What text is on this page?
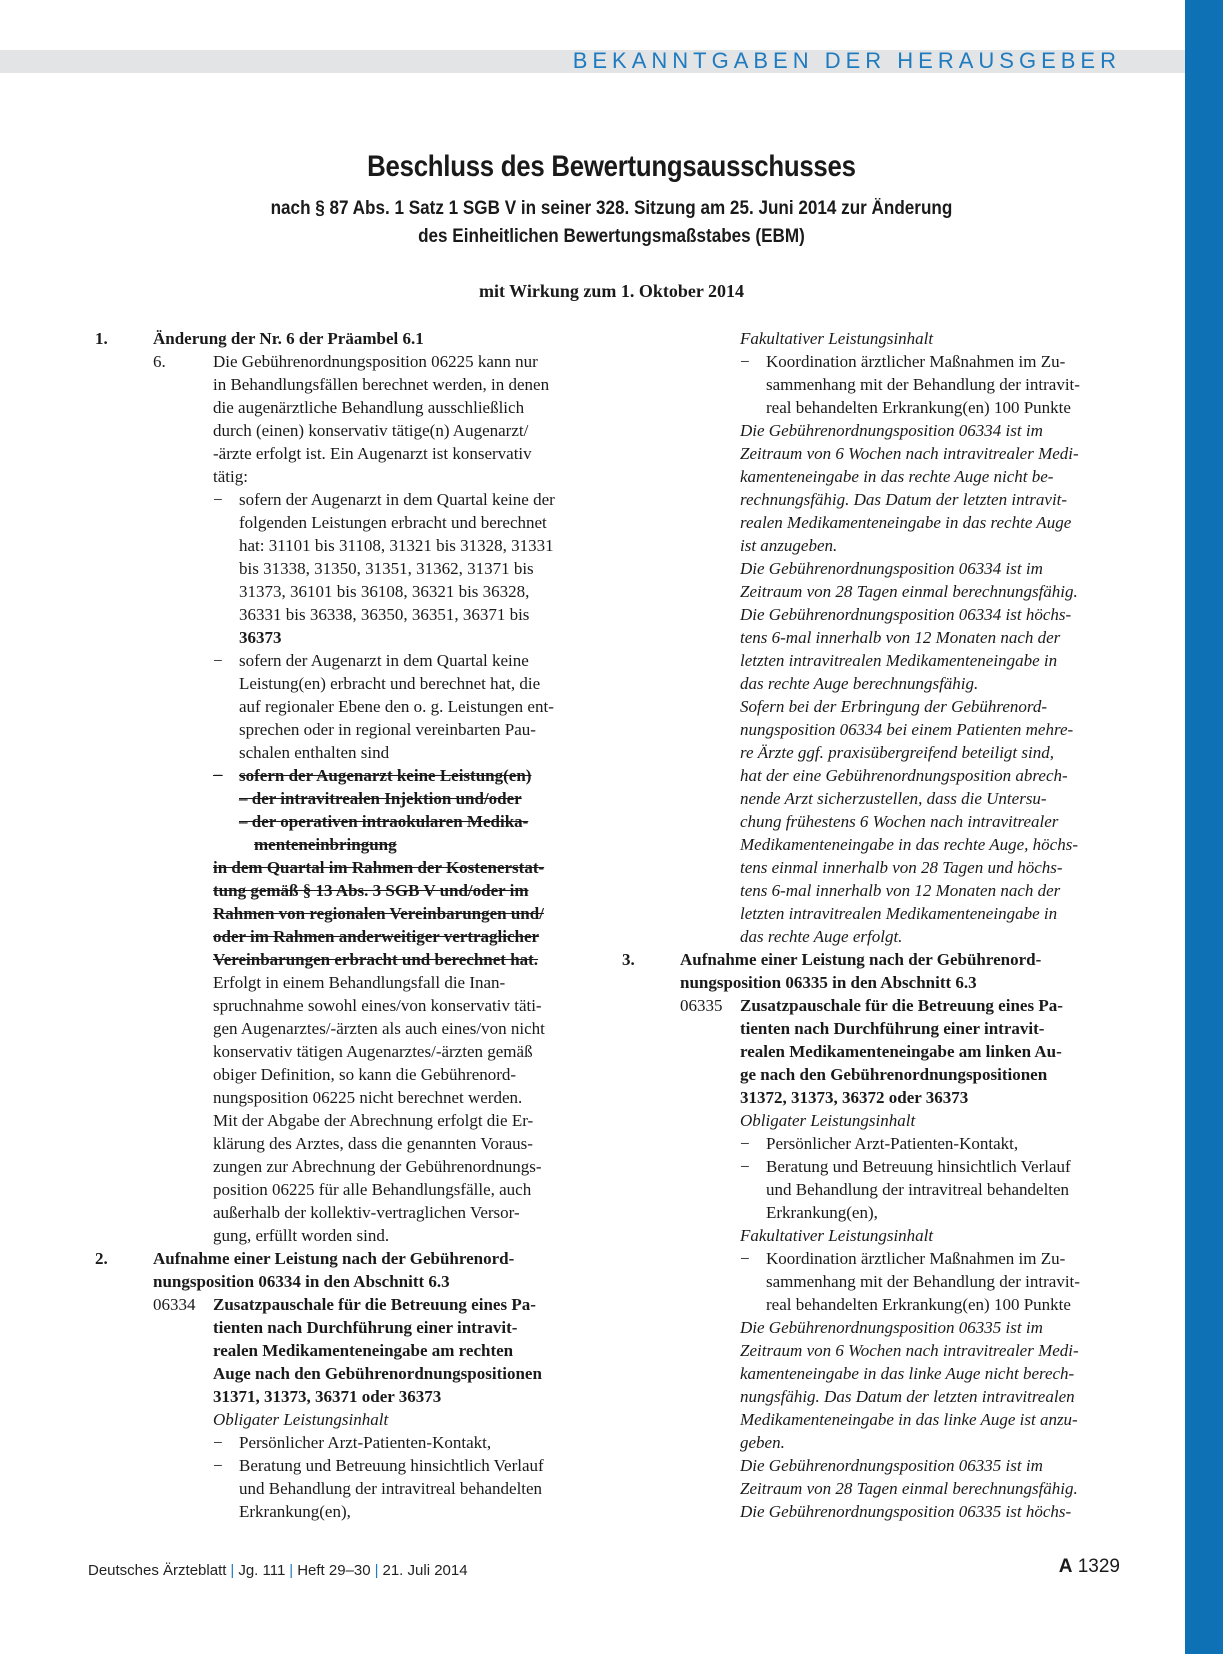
BEKANNTGABEN DER HERAUSGEBER
Beschluss des Bewertungsausschusses
nach § 87 Abs. 1 Satz 1 SGB V in seiner 328. Sitzung am 25. Juni 2014 zur Änderung
des Einheitlichen Bewertungsmaßstabes (EBM)
mit Wirkung zum 1. Oktober 2014
1.	Änderung der Nr. 6 der Präambel 6.1
6.	Die Gebührenordnungsposition 06225 kann nur
in Behandlungsfällen berechnet werden, in denen
die augenärztliche Behandlung ausschließlich
durch (einen) konservativ tätige(n) Augenarzt/
-ärzte erfolgt ist. Ein Augenarzt ist konservativ
tätig:
− sofern der Augenarzt in dem Quartal keine der
folgenden Leistungen erbracht und berechnet
hat: 31101 bis 31108, 31321 bis 31328, 31331
bis 31338, 31350, 31351, 31362, 31371 bis
31373, 36101 bis 36108, 36321 bis 36328,
36331 bis 36338, 36350, 36351, 36371 bis
36373
− sofern der Augenarzt in dem Quartal keine
Leistung(en) erbracht und berechnet hat, die
auf regionaler Ebene den o. g. Leistungen ent-
sprechen oder in regional vereinbarten Pau-
schalen enthalten sind
− sofern der Augenarzt keine Leistung(en)
– der intravitrealen Injektion und/oder
– der operativen intraokularen Medika-
menteneinbringung
in dem Quartal im Rahmen der Kostenerstat-
tung gemäß § 13 Abs. 3 SGB V und/oder im
Rahmen von regionalen Vereinbarungen und/
oder im Rahmen anderweitiger vertraglicher
Vereinbarungen erbracht und berechnet hat.
Erfolgt in einem Behandlungsfall die Inan-
spruchnahme sowohl eines/von konservativ täti-
gen Augenarztes/-ärzten als auch eines/von nicht
konservativ tätigen Augenarztes/-ärzten gemäß
obiger Definition, so kann die Gebührenord-
nungsposition 06225 nicht berechnet werden.
Mit der Abgabe der Abrechnung erfolgt die Er-
klärung des Arztes, dass die genannten Voraus-
zungen zur Abrechnung der Gebührenordnungs-
position 06225 für alle Behandlungsfälle, auch
außerhalb der kollektiv-vertraglichen Versor-
gung, erfüllt worden sind.
2.	Aufnahme einer Leistung nach der Gebührenord-
nungsposition 06334 in den Abschnitt 6.3
06334 Zusatzpauschale für die Betreuung eines Pa-
tienten nach Durchführung einer intravit-
realen Medikamenteneingabe am rechten
Auge nach den Gebührenordnungspositionen
31371, 31373, 36371 oder 36373
Obligater Leistungsinhalt
− Persönlicher Arzt-Patienten-Kontakt,
− Beratung und Betreuung hinsichtlich Verlauf
und Behandlung der intravitreal behandelten
Erkrankung(en),
Fakultativer Leistungsinhalt
− Koordination ärztlicher Maßnahmen im Zu-
sammenhang mit der Behandlung der intravit-
real behandelten Erkrankung(en) 100 Punkte
Die Gebührenordnungsposition 06334 ist im
Zeitraum von 6 Wochen nach intravitrealer Medi-
kamenteneingabe in das rechte Auge nicht be-
rechnungsfähig. Das Datum der letzten intravit-
realen Medikamenteneingabe in das rechte Auge
ist anzugeben.
Die Gebührenordnungsposition 06334 ist im
Zeitraum von 28 Tagen einmal berechnungsfähig.
Die Gebührenordnungsposition 06334 ist höchs-
tens 6-mal innerhalb von 12 Monaten nach der
letzten intravitrealen Medikamenteneingabe in
das rechte Auge berechnungsfähig.
Sofern bei der Erbringung der Gebührenord-
nungsposition 06334 bei einem Patienten mehre-
re Ärzte ggf. praxisübergreifend beteiligt sind,
hat der eine Gebührenordnungsposition abrech-
nende Arzt sicherzustellen, dass die Untersu-
chung frühestens 6 Wochen nach intravitrealer
Medikamenteneingabe in das rechte Auge, höchs-
tens einmal innerhalb von 28 Tagen und höchs-
tens 6-mal innerhalb von 12 Monaten nach der
letzten intravitrealen Medikamenteneingabe in
das rechte Auge erfolgt.
3.	Aufnahme einer Leistung nach der Gebührenord-
nungsposition 06335 in den Abschnitt 6.3
06335 Zusatzpauschale für die Betreuung eines Pa-
tienten nach Durchführung einer intravit-
realen Medikamenteneingabe am linken Au-
ge nach den Gebührenordnungspositionen
31372, 31373, 36372 oder 36373
Obligater Leistungsinhalt
− Persönlicher Arzt-Patienten-Kontakt,
− Beratung und Betreuung hinsichtlich Verlauf
und Behandlung der intravitreal behandelten
Erkrankung(en),
Fakultativer Leistungsinhalt
− Koordination ärztlicher Maßnahmen im Zu-
sammenhang mit der Behandlung der intravit-
real behandelten Erkrankung(en) 100 Punkte
Die Gebührenordnungsposition 06335 ist im
Zeitraum von 6 Wochen nach intravitrealer Medi-
kamenteneingabe in das linke Auge nicht berech-
nungsfähig. Das Datum der letzten intravitrealen
Medikamenteneingabe in das linke Auge ist anzu-
geben.
Die Gebührenordnungsposition 06335 ist im
Zeitraum von 28 Tagen einmal berechnungsfähig.
Die Gebührenordnungsposition 06335 ist höchs-
Deutsches Ärzteblatt | Jg. 111 | Heft 29–30 | 21. Juli 2014	A 1329
